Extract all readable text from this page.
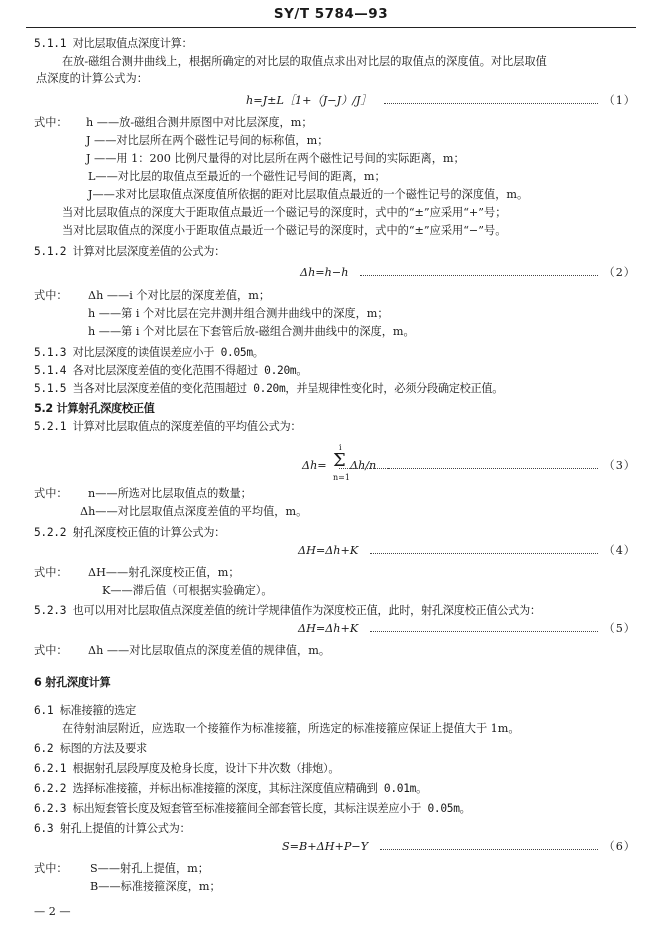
SY/T 5784—93
5.1.1 对比层取值点深度计算：
在放-磁组合测井曲线上，根据所确定的对比层的取值点求出对比层的取值点的深度值。对比层取值
点深度的计算公式为：
h=J±L［1+（J−J）/J］	（1）
式中： h ——放-磁组合测井原图中对比层深度，m；
J ——对比层所在两个磁性记号间的标称值，m；
J ——用 1：200 比例尺量得的对比层所在两个磁性记号间的实际距离，m；
L——对比层的取值点至最近的一个磁性记号间的距离，m；
J——求对比层取值点深度值所依据的距对比层取值点最近的一个磁性记号的深度值，m。
当对比层取值点的深度大于距取值点最近一个磁记号的深度时，式中的“±”应采用“+”号；
当对比层取值点的深度小于距取值点最近一个磁记号的深度时，式中的“±”应采用“−”号。
5.1.2 计算对比层深度差值的公式为：
Δh=h−h	（2）
式中： Δh ——i 个对比层的深度差值，m；
h ——第 i 个对比层在完井测井组合测井曲线中的深度，m；
h ——第 i 个对比层在下套管后放-磁组合测井曲线中的深度，m。
5.1.3 对比层深度的读值误差应小于 0.05m。
5.1.4 各对比层深度差值的变化范围不得超过 0.20m。
5.1.5 当各对比层深度差值的变化范围超过 0.20m，并呈规律性变化时，必须分段确定校正值。
5.2 计算射孔深度校正值
5.2.1 计算对比层取值点的深度差值的平均值公式为：
i
Δh= Σ Δh/n
n=1
（3）
式中： n——所选对比层取值点的数量；
Δh——对比层取值点深度差值的平均值，m。
5.2.2 射孔深度校正值的计算公式为：
ΔH=Δh+K	（4）
式中： ΔH——射孔深度校正值，m；
K——滞后值（可根据实验确定）。
5.2.3 也可以用对比层取值点深度差值的统计学规律值作为深度校正值，此时，射孔深度校正值公式为：
ΔH=Δh+K	（5）
式中： Δh ——对比层取值点的深度差值的规律值，m。
6 射孔深度计算
6.1 标准接箍的选定
在待射油层附近，应选取一个接箍作为标准接箍，所选定的标准接箍应保证上提值大于 1m。
6.2 标图的方法及要求
6.2.1 根据射孔层段厚度及枪身长度，设计下井次数（排炮）。
6.2.2 选择标准接箍，并标出标准接箍的深度，其标注深度值应精确到 0.01m。
6.2.3 标出短套管长度及短套管至标准接箍间全部套管长度，其标注误差应小于 0.05m。
6.3 射孔上提值的计算公式为：
S=B+ΔH+P−Y	（6）
式中： S——射孔上提值，m；
B——标准接箍深度，m；
— 2 —
